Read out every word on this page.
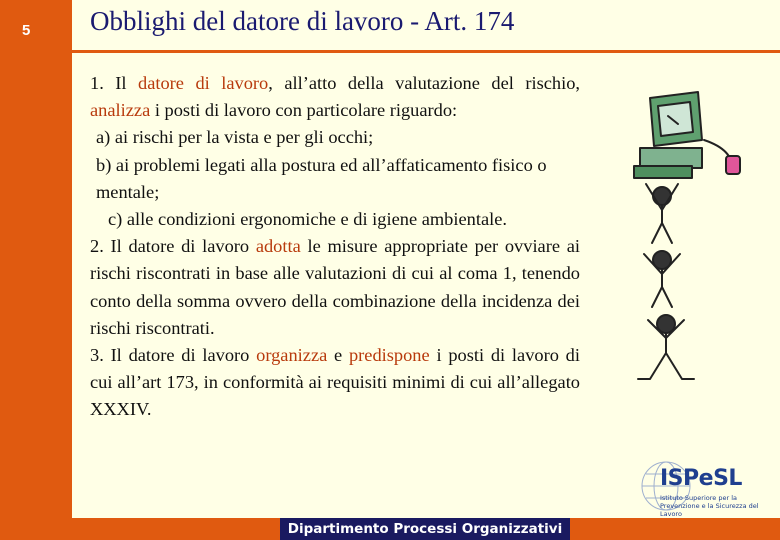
5 Obblighi del datore di lavoro - Art. 174

1. Il datore di lavoro, all’atto della valutazione del rischio, analizza i posti di lavoro con particolare riguardo:

a) ai rischi per la vista e per gli occhi;

b) ai problemi legati alla postura ed all’affaticamento fisico o mentale;

c) alle condizioni ergonomiche e di igiene ambientale.

2. Il datore di lavoro adotta le misure appropriate per ovviare ai rischi riscontrati in base alle valutazioni di cui al coma 1, tenendo conto della somma ovvero della combinazione della incidenza dei rischi riscontrati.

3. Il datore di lavoro organizza e predispone i posti di lavoro di cui all’art 173, in conformità ai requisiti minimi di cui all’allegato XXXIV.

ISPeSL
Istituto Superiore per la Prevenzione e la Sicurezza del Lavoro
Dipartimento Processi Organizzativi
